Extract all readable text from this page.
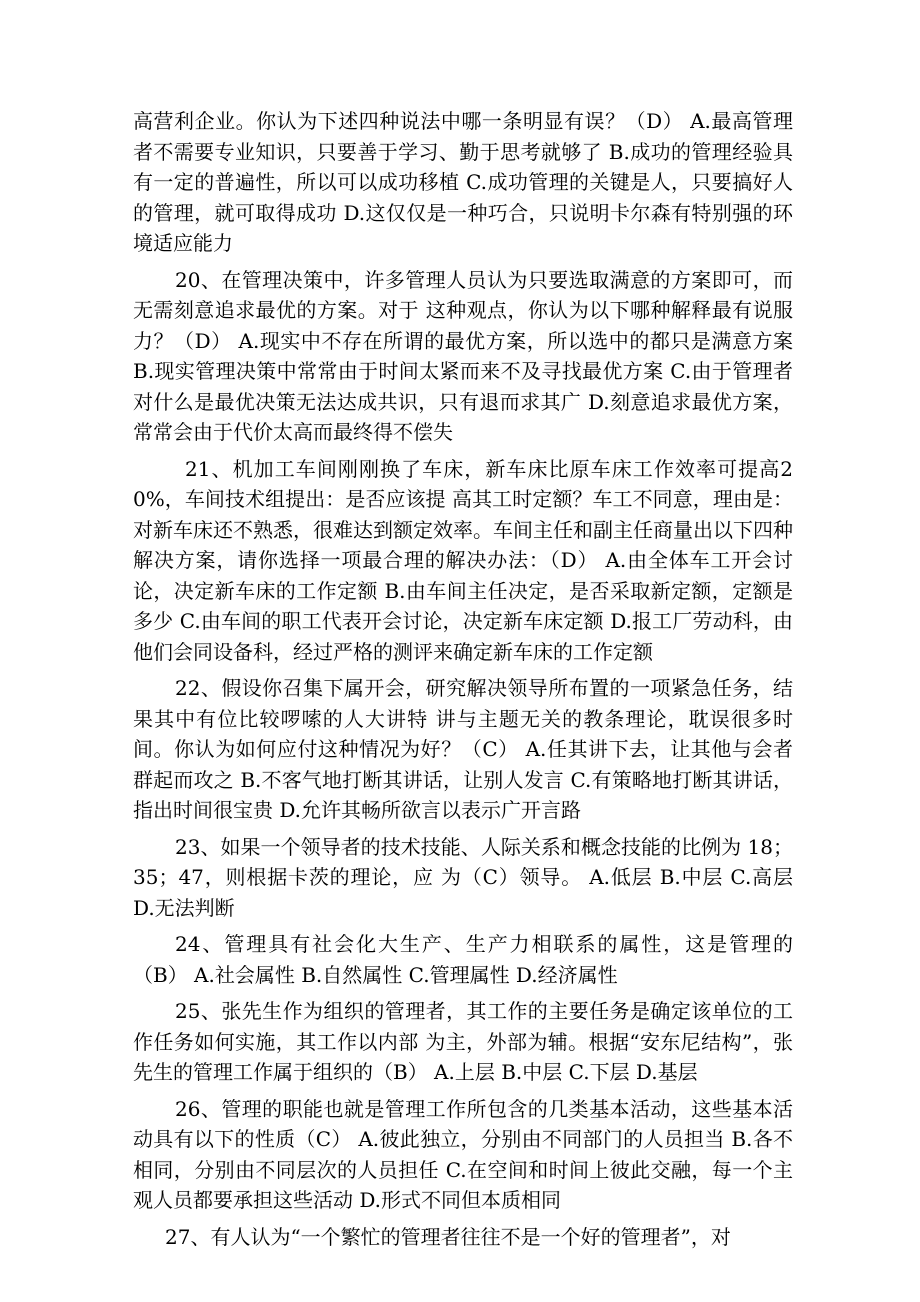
高营利企业。你认为下述四种说法中哪一条明显有误？（D） A.最高管理者不需要专业知识，只要善于学习、勤于思考就够了 B.成功的管理经验具有一定的普遍性，所以可以成功移植 C.成功管理的关键是人，只要搞好人的管理，就可取得成功 D.这仅仅是一种巧合，只说明卡尔森有特别强的环境适应能力

20、在管理决策中，许多管理人员认为只要选取满意的方案即可，而无需刻意追求最优的方案。对于 这种观点，你认为以下哪种解释最有说服力？（D） A.现实中不存在所谓的最优方案，所以选中的都只是满意方案 B.现实管理决策中常常由于时间太紧而来不及寻找最优方案 C.由于管理者对什么是最优决策无法达成共识，只有退而求其广 D.刻意追求最优方案，常常会由于代价太高而最终得不偿失

21、机加工车间刚刚换了车床，新车床比原车床工作效率可提高20%，车间技术组提出：是否应该提 高其工时定额？车工不同意，理由是：对新车床还不熟悉，很难达到额定效率。车间主任和副主任商量出以下四种解决方案，请你选择一项最合理的解决办法：（D） A.由全体车工开会讨论，决定新车床的工作定额 B.由车间主任决定，是否采取新定额，定额是多少 C.由车间的职工代表开会讨论，决定新车床定额 D.报工厂劳动科，由他们会同设备科，经过严格的测评来确定新车床的工作定额

22、假设你召集下属开会，研究解决领导所布置的一项紧急任务，结果其中有位比较啰嗦的人大讲特 讲与主题无关的教条理论，耽误很多时间。你认为如何应付这种情况为好？（C） A.任其讲下去，让其他与会者群起而攻之 B.不客气地打断其讲话，让别人发言 C.有策略地打断其讲话，指出时间很宝贵 D.允许其畅所欲言以表示广开言路

23、如果一个领导者的技术技能、人际关系和概念技能的比例为 18；35；47，则根据卡茨的理论，应 为（C）领导。 A.低层 B.中层 C.高层 D.无法判断

24、管理具有社会化大生产、生产力相联系的属性，这是管理的（B） A.社会属性 B.自然属性 C.管理属性 D.经济属性

25、张先生作为组织的管理者，其工作的主要任务是确定该单位的工作任务如何实施，其工作以内部 为主，外部为辅。根据“安东尼结构”，张先生的管理工作属于组织的（B） A.上层 B.中层 C.下层 D.基层

26、管理的职能也就是管理工作所包含的几类基本活动，这些基本活动具有以下的性质（C） A.彼此独立，分别由不同部门的人员担当 B.各不相同，分别由不同层次的人员担任 C.在空间和时间上彼此交融，每一个主观人员都要承担这些活动 D.形式不同但本质相同

27、有人认为“一个繁忙的管理者往往不是一个好的管理者”，对
